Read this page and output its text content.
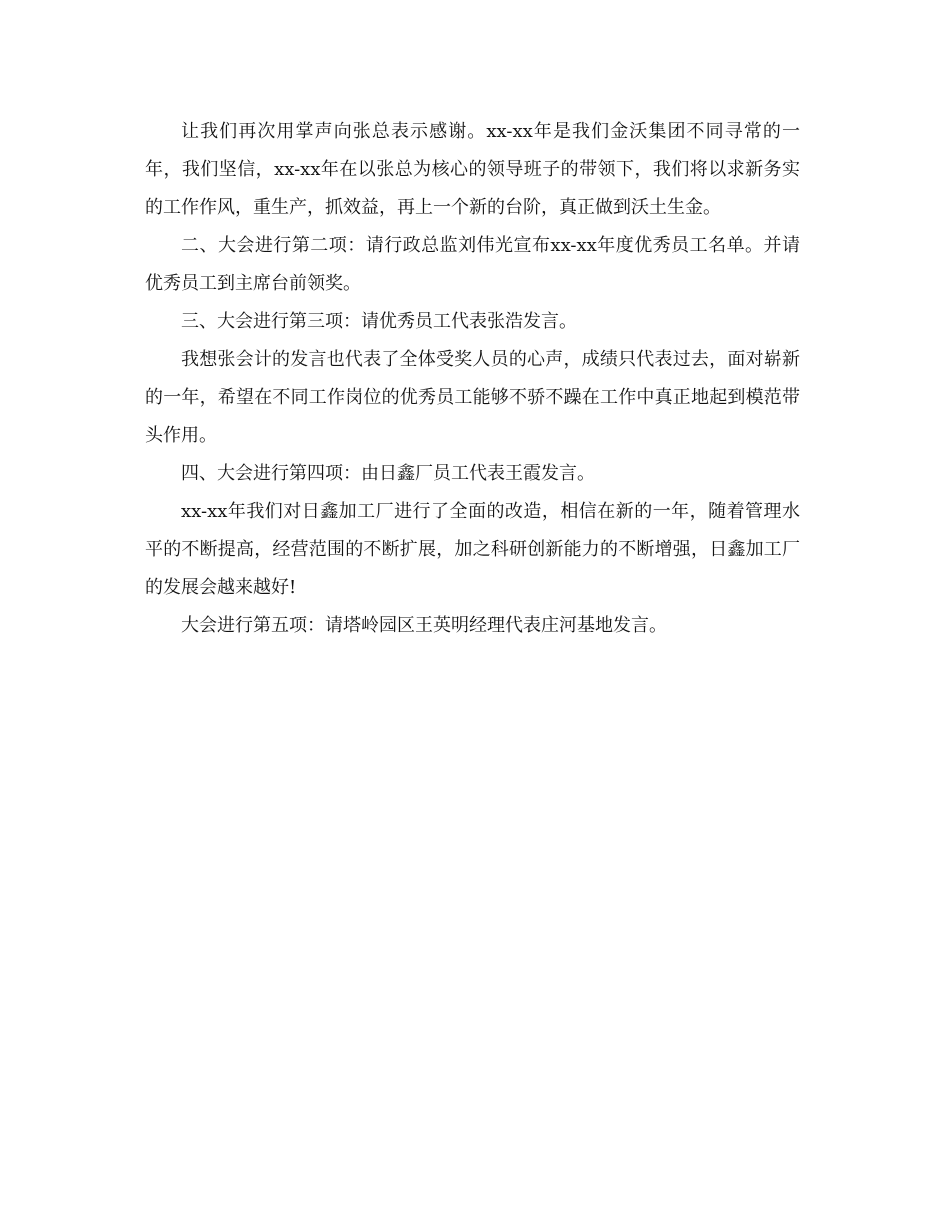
让我们再次用掌声向张总表示感谢。xx-xx年是我们金沃集团不同寻常的一年，我们坚信，xx-xx年在以张总为核心的领导班子的带领下，我们将以求新务实的工作作风，重生产，抓效益，再上一个新的台阶，真正做到沃土生金。

二、大会进行第二项：请行政总监刘伟光宣布xx-xx年度优秀员工名单。并请优秀员工到主席台前领奖。

三、大会进行第三项：请优秀员工代表张浩发言。

我想张会计的发言也代表了全体受奖人员的心声，成绩只代表过去，面对崭新的一年，希望在不同工作岗位的优秀员工能够不骄不躁在工作中真正地起到模范带头作用。

四、大会进行第四项：由日鑫厂员工代表王霞发言。

xx-xx年我们对日鑫加工厂进行了全面的改造，相信在新的一年，随着管理水平的不断提高，经营范围的不断扩展，加之科研创新能力的不断增强，日鑫加工厂的发展会越来越好!

大会进行第五项：请塔岭园区王英明经理代表庄河基地发言。
